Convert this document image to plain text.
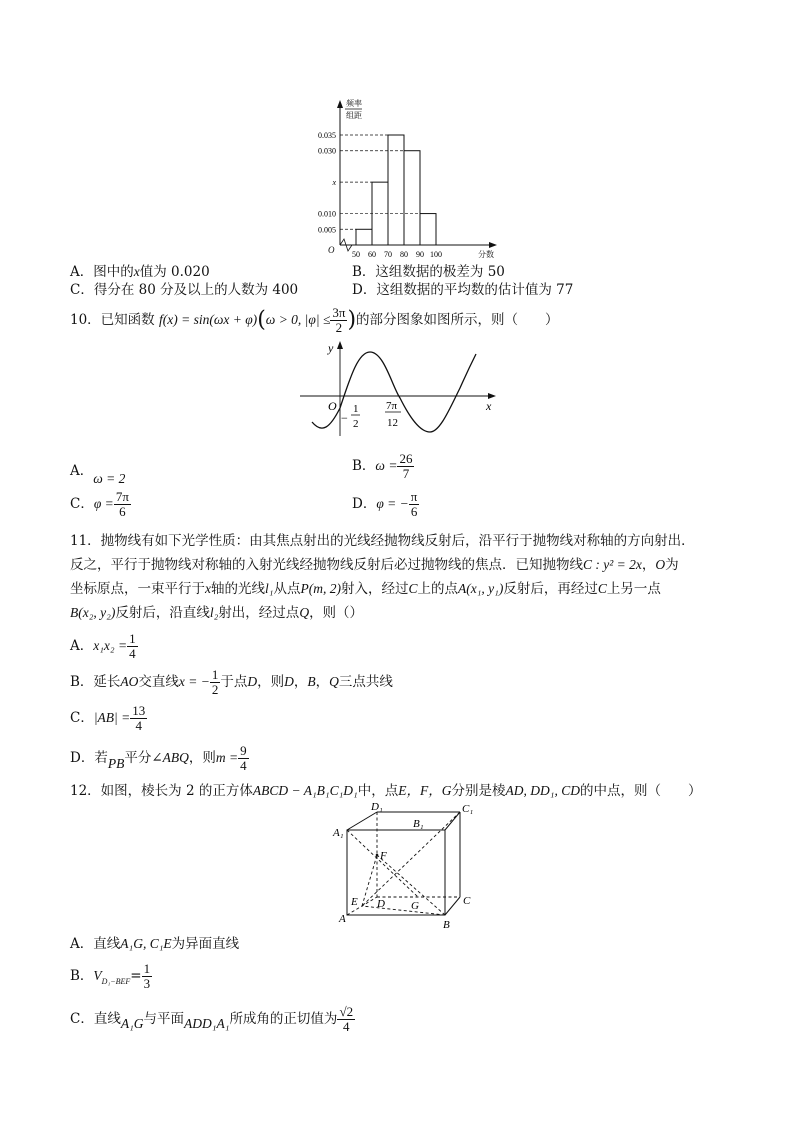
频率
组距
O	分数
0.035
0.030
x
0.010
0.005
50 60 70 80 90 100
A．图中的x值为 0.020	B．这组数据的极差为 50
C．得分在 80 分及以上的人数为 400	D．这组数据的平均数的估计值为 77
10．已知函数 f(x) = sin(ωx + φ)(ω > 0, $|\varphi| \le \frac{3\pi}{2}$ )的部分图象如图所示，则（　　）
y
x
O
−
1
2
7π
12
A．ω = 2
B．$\omega = \frac{26}{7}$
C．$\varphi = \frac{7\pi}{6}$	D．φ = − $\frac{\pi}{6}$
11．抛物线有如下光学性质：由其焦点射出的光线经抛物线反射后，沿平行于抛物线对称轴的方向射出．
反之，平行于抛物线对称轴的入射光线经抛物线反射后必过抛物线的焦点．已知抛物线C : y² = 2x，O为
坐标原点，一束平行于x轴的光线l₁从点P(m, 2)射入，经过C上的点A(x₁, y₁)反射后，再经过C上另一点
B(x₂, y₂)反射后，沿直线l₂射出，经过点Q，则（）
A．$x_1x_2 = \frac{1}{4}$
B．延长AO交直线x = − $\frac{1}{2}$ 于点D，则D，B，Q三点共线
C．$|AB| = \frac{13}{4}$
D．若PB平分∠ABQ，则$m = \frac{9}{4}$
12．如图，棱长为 2 的正方体ABCD − A₁B₁C₁D₁中，点E，F，G分别是棱AD, DD₁, CD的中点，则（　　）
D₁	C₁
A₁
B₁
F
E D G	C
A	B
A．直线A₁G, C₁E为异面直线
B．$V_{D_1-BEF}= \frac{1}{3}$
C．直线A₁G与平面ADD₁A₁所成角的正切值为 $\frac{√2}{4}$
